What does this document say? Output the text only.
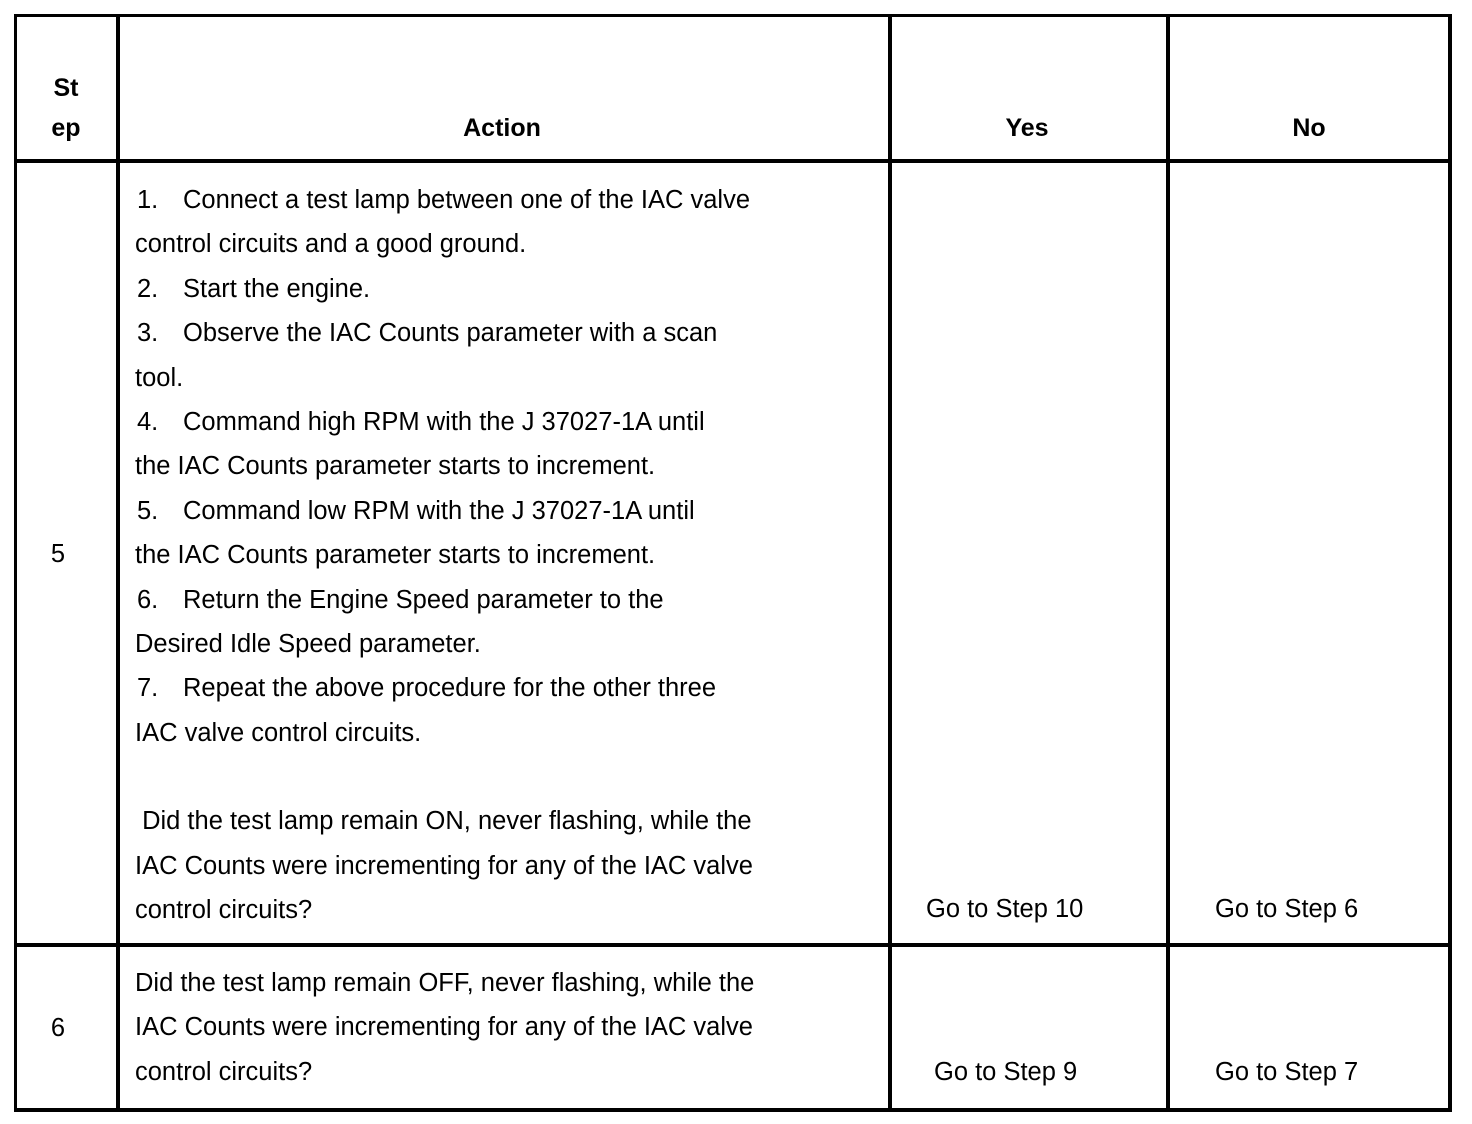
St
ep	Action	Yes	No
5
1. Connect a test lamp between one of the IAC valve
control circuits and a good ground.
2. Start the engine.
3. Observe the IAC Counts parameter with a scan
tool.
4. Command high RPM with the J 37027-1A until
the IAC Counts parameter starts to increment.
5. Command low RPM with the J 37027-1A until
the IAC Counts parameter starts to increment.
6. Return the Engine Speed parameter to the
Desired Idle Speed parameter.
7. Repeat the above procedure for the other three
IAC valve control circuits.
Did the test lamp remain ON, never flashing, while the
IAC Counts were incrementing for any of the IAC valve
control circuits?	Go to Step 10	Go to Step 6
6
Did the test lamp remain OFF, never flashing, while the
IAC Counts were incrementing for any of the IAC valve
control circuits?	Go to Step 9	Go to Step 7
